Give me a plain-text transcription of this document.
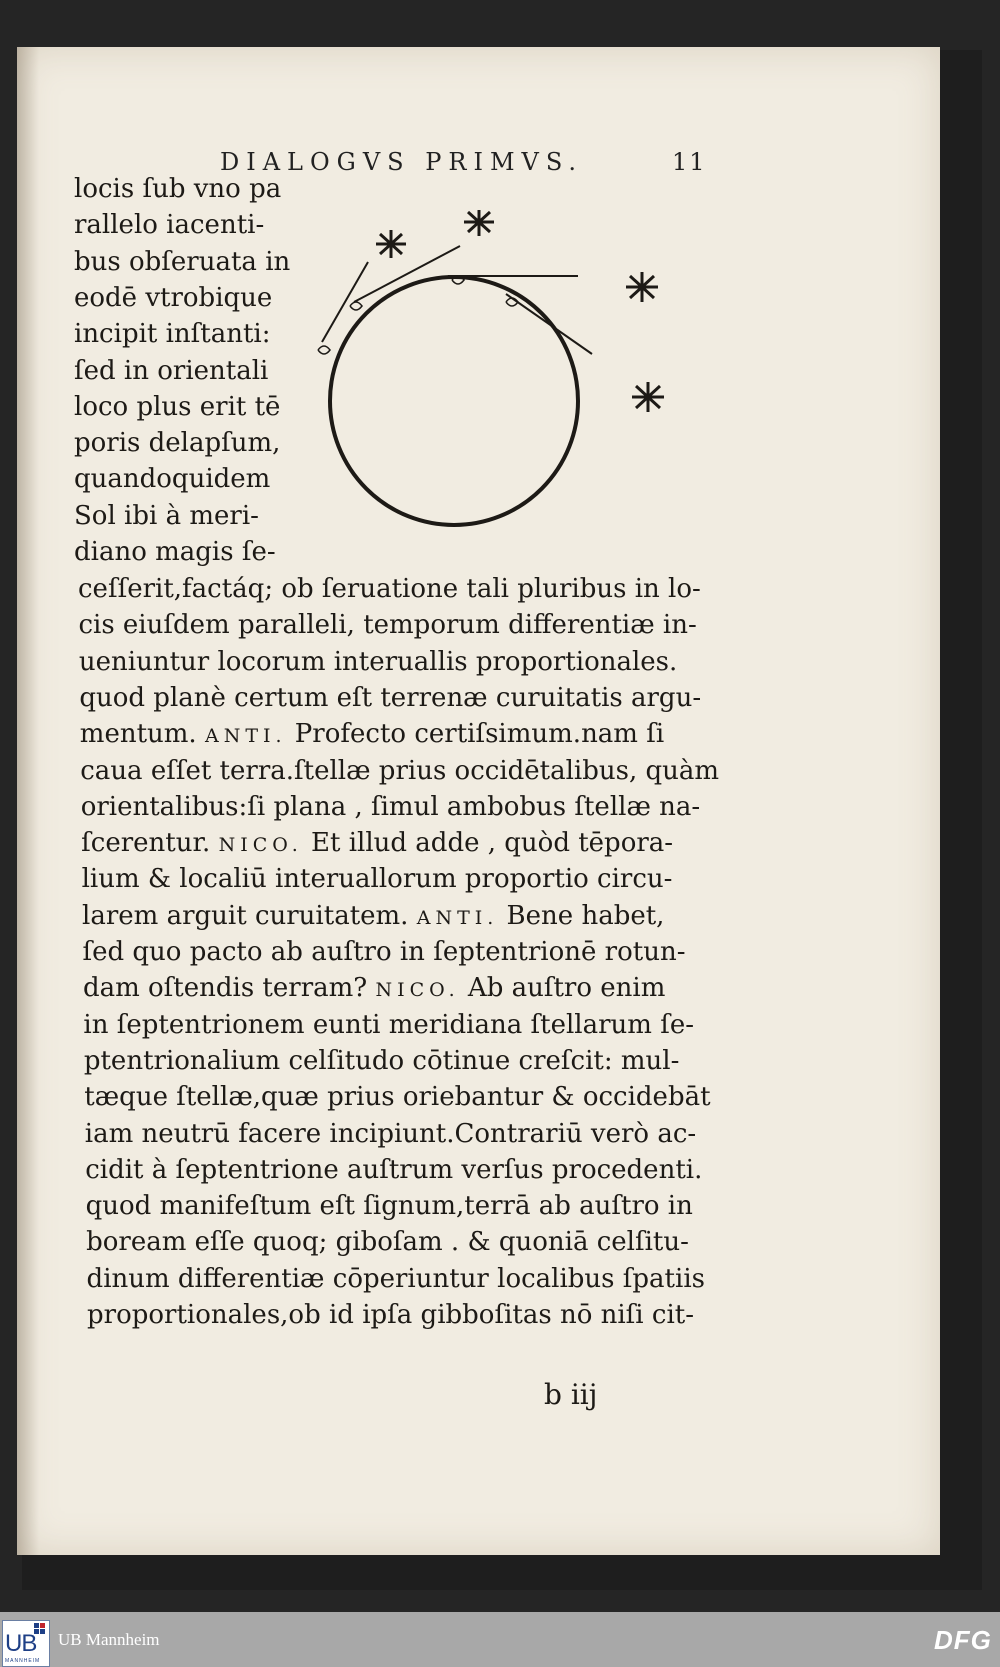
DIALOGVS PRIMVS.	11
locis ſub vno pa
rallelo iacenti-
bus obſeruata in
eodē vtrobique
incipit inſtanti:
ſed in orientali
loco plus erit tē
poris delapſum,
quandoquidem
Sol ibi à meri-
diano magis ſe-
ceſſerit,factáq; ob ſeruatione tali pluribus in lo-
cis eiuſdem paralleli, temporum differentiæ in-
ueniuntur locorum interuallis proportionales.
quod planè certum eſt terrenæ curuitatis argu-
mentum. ANTI. Profecto certiſsimum.nam ſi
caua eſſet terra.ſtellæ prius occidētalibus, quàm
orientalibus:ſi plana , ſimul ambobus ſtellæ na-
ſcerentur. NICO. Et illud adde , quòd tēpora-
lium & localiū interuallorum proportio circu-
larem arguit curuitatem. ANTI. Bene habet,
ſed quo pacto ab auſtro in ſeptentrionē rotun-
dam oſtendis terram? NICO. Ab auſtro enim
in ſeptentrionem eunti meridiana ſtellarum ſe-
ptentrionalium celſitudo cōtinue creſcit: mul-
tæque ſtellæ,quæ prius oriebantur & occidebāt
iam neutrū facere incipiunt.Contrariū verò ac-
cidit à ſeptentrione auſtrum verſus procedenti.
quod manifeſtum eſt ſignum,terrā ab auſtro in
boream eſſe quoq; giboſam . & quoniā celſitu-
dinum differentiæ cōperiuntur localibus ſpatiis
proportionales,ob id ipſa gibboſitas nō niſi cit-
b iij
UB
MANNHEIM
UB Mannheim	DFG
